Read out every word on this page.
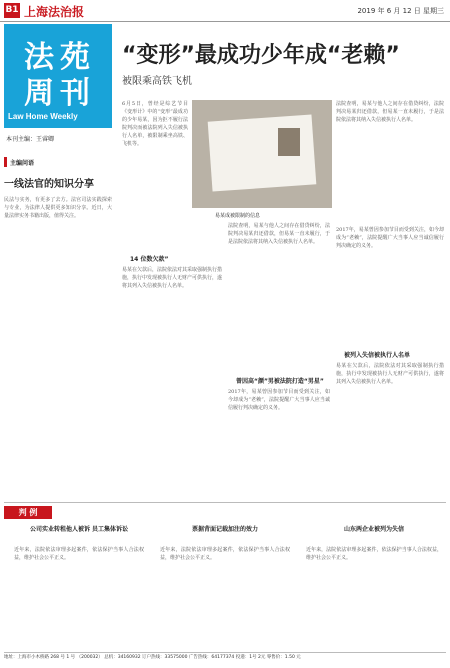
B1 上海法治报	2019 年 6 月 12 日 星期三
法苑
周刊
Law Home Weekly
本刊主编：王睿卿
主编问语
一线法官的知识分享
民法与实务，有更多了去方。法官司法实践探索与专业，为法律人提供更多知识分享。近日，大量法律实务书籍出版，值得关注。
“变形”最成功少年成“老赖”
被限乘高铁飞机
6月5日，曾经是综艺节目《变形计》中的“变形”最成功的少年易某，因为拒不履行法院判决而被法院列入失信被执行人名单，被限制乘坐高铁、飞机等。
易某成被限制的信息
法院查明，易某与他人之间存在借贷纠纷，法院判决易某归还借款，但易某一直未履行，于是法院依法将其纳入失信被执行人名单。
14 位数欠款”
易某在欠款后，法院依法对其采取强制执行措施，执行中发现被执行人无财产可供执行，遂将其列入失信被执行人名单。
法院查明，易某与他人之间存在借贷纠纷，法院判决易某归还借款，但易某一直未履行，于是法院依法将其纳入失信被执行人名单。
曾因高“颜”男被法院打造“男星”
2017年，易某曾因参加节目而受到关注，如今却成为“老赖”，法院提醒广大当事人应当诚信履行判决确定的义务。
被列入失信被执行人名单
2017年，易某曾因参加节目而受到关注，如今却成为“老赖”，法院提醒广大当事人应当诚信履行判决确定的义务。
易某在欠款后，法院依法对其采取强制执行措施，执行中发现被执行人无财产可供执行，遂将其列入失信被执行人名单。
判 例
公司实业转租他人被诉 员工集体诉讼	票据背面记载加注的效力	山东两企业被列为失信
近年来，法院依法审理多起案件，依法保护当事人合法权益，维护社会公平正义。
近年来，法院依法审理多起案件，依法保护当事人合法权益，维护社会公平正义。
近年来，法院依法审理多起案件，依法保护当事人合法权益，维护社会公平正义。
地址：上海市小木桥路 268 号 1 号 （200032） 总机：34160932 订户热线：33575000 广告热线：64177374 投递：1号 2元 零售价：1.50 元
